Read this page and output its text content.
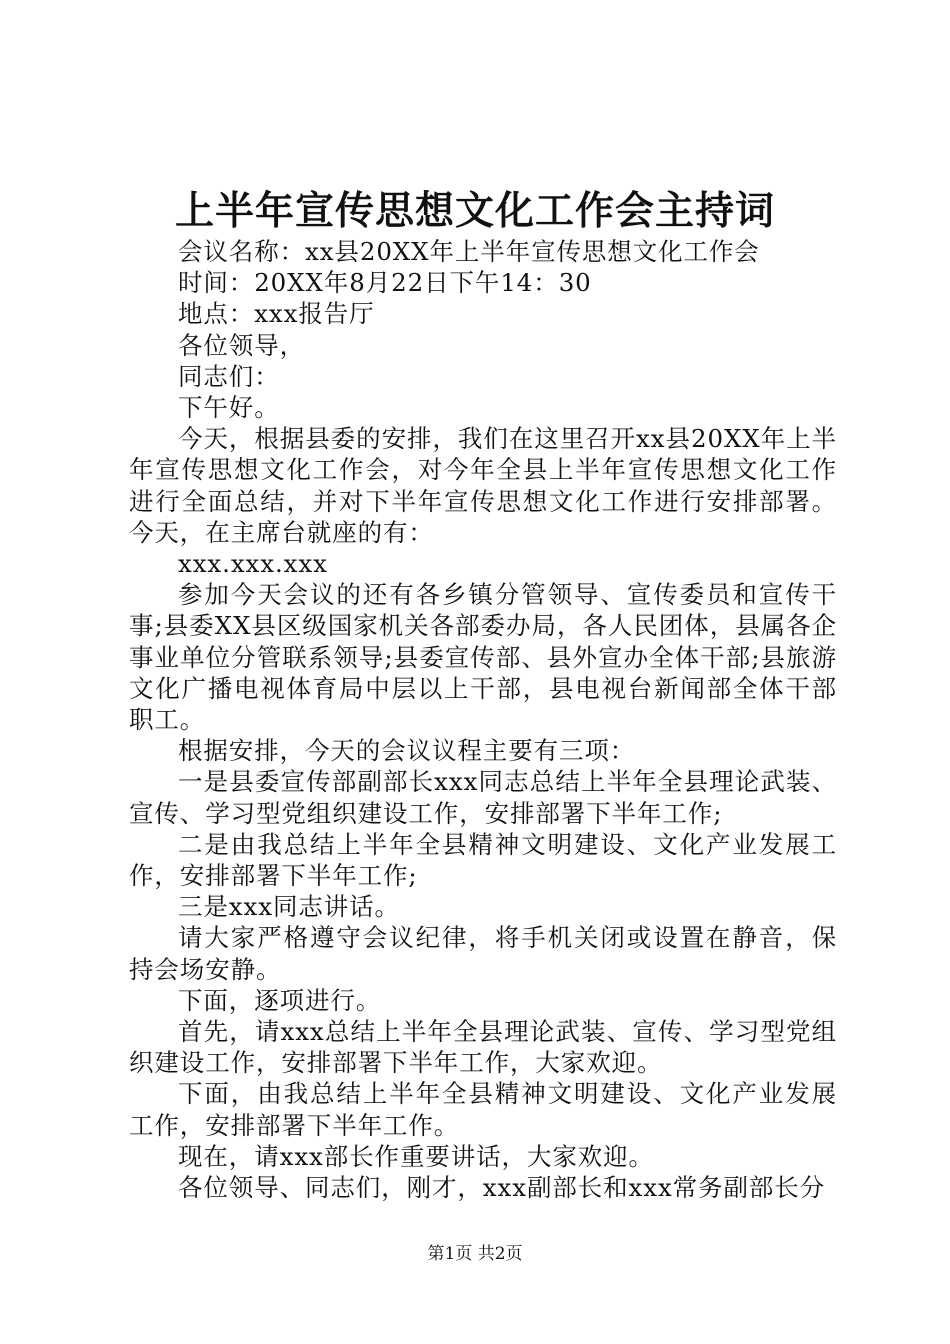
上半年宣传思想文化工作会主持词

会议名称：xx县20XX年上半年宣传思想文化工作会

时间：20XX年8月22日下午14：30

地点：xxx报告厅

各位领导，

同志们：

下午好。

今天，根据县委的安排，我们在这里召开xx县20XX年上半年宣传思想文化工作会，对今年全县上半年宣传思想文化工作进行全面总结，并对下半年宣传思想文化工作进行安排部署。今天，在主席台就座的有：

xxx.xxx.xxx

参加今天会议的还有各乡镇分管领导、宣传委员和宣传干事;县委XX县区级国家机关各部委办局，各人民团体，县属各企事业单位分管联系领导;县委宣传部、县外宣办全体干部;县旅游文化广播电视体育局中层以上干部，县电视台新闻部全体干部职工。

根据安排，今天的会议议程主要有三项：

一是县委宣传部副部长xxx同志总结上半年全县理论武装、宣传、学习型党组织建设工作，安排部署下半年工作;

二是由我总结上半年全县精神文明建设、文化产业发展工作，安排部署下半年工作;

三是xxx同志讲话。

请大家严格遵守会议纪律，将手机关闭或设置在静音，保持会场安静。

下面，逐项进行。

首先，请xxx总结上半年全县理论武装、宣传、学习型党组织建设工作，安排部署下半年工作，大家欢迎。

下面，由我总结上半年全县精神文明建设、文化产业发展工作，安排部署下半年工作。

现在，请xxx部长作重要讲话，大家欢迎。

各位领导、同志们，刚才，xxx副部长和xxx常务副部长分

第1页 共2页
